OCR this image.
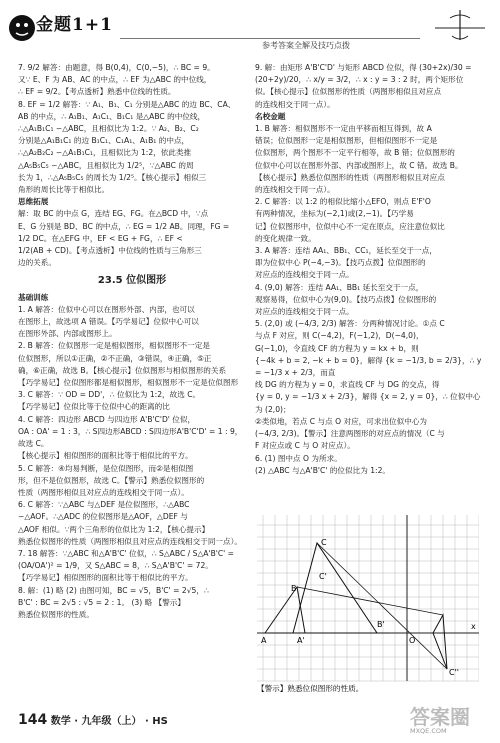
金题1+1
参考答案全解及技巧点拨

7. 9/2 解答：由题意，得 B(0,4)，C(0,−5)，∴ BC = 9。

又∵ E、F 为 AB、AC 的中点，∴ EF 为△ABC 的中位线，

∴ EF = 9/2。【考点透析】熟悉中位线的性质。

8. EF = 1/2 解答：∵ A₁、B₁、C₁ 分别是△ABC 的边 BC、CA、

AB 的中点，∴ A₁B₁、A₁C₁、B₁C₁ 是△ABC 的中位线，

∴△A₁B₁C₁ ∽△ABC，且相似比为 1:2。∵ A₂、B₂、C₂

分别是△A₁B₁C₁ 的边 B₁C₁、C₁A₁、A₁B₁ 的中点，

∴△A₂B₂C₂ ∽△A₁B₁C₁，且相似比为 1:2，依此类推

△A₅B₅C₅ ∽△ABC，且相似比为 1/2⁵，∵△ABC 的周

长为 1，∴△A₅B₅C₅ 的周长为 1/2⁵。【核心提示】相似三

角形的周长比等于相似比。

思维拓展

解：取 BC 的中点 G，连结 EG、FG。在△BCD 中，∵点

E、G 分别是 BD、BC 的中点，∴ EG = 1/2 AB。同理，FG =

1/2 DC。在△EFG 中，EF < EG + FG，∴ EF <

1/2(AB + CD)。【考点透析】中位线的性质与三角形三

边的关系。

23.5 位似图形

基础训练

1. A 解答：位似中心可以在图形外部、内部，也可以

在图形上，故选项 A 错误。【巧学易记】位似中心可以

在图形外部、内部或图形上。

2. B 解答：位似图形一定是相似图形，相似图形不一定是

位似图形，所以①正确，②不正确，③错误，④正确，⑤正

确，⑥正确，故选 B。【核心提示】位似图形与相似图形的关系

【巧学易记】位似图形都是相似图形，相似图形不一定是位似图形

3. C 解答：∵ OD = DD'，∴ 位似比为 1:2，故选 C。

【巧学易记】位似比等于位似中心的距离的比

4. C 解答：四边形 ABCD 与四边形 A'B'C'D' 位似，

OA : OA' = 1 : 3，∴ S四边形ABCD : S四边形A'B'C'D' = 1 : 9，故选 C。

【核心提示】相似图形的面积比等于相似比的平方。

5. C 解答：④均易判断，是位似图形，而②是相似图

形，但不是位似图形，故选 C。【警示】熟悉位似图形的

性质（两图形相似且对应点的连线相交于同一点）。

6. C 解答：∵△ABC 与△DEF 是位似图形，∴△ABC

∽△AOF。∴△ADC 的位似图形是△AOF，△DEF 与

△AOF 相似。∵两个三角形的位似比为 1:2，【核心提示】

熟悉位似图形的性质（两图形相似且对应点的连线相交于同一点）。

7. 18 解答：∵△ABC 和△A'B'C' 位似，∴ S△ABC / S△A'B'C' =

(OA/OA')² = 1/9，又 S△ABC = 8，∴ S△A'B'C' = 72。

【巧学易记】相似图形的面积比等于相似比的平方。

8. 解：(1) 略 (2) 由图可知，BC = √5，B'C' = 2√5，∴

B'C' : BC = 2√5 : √5 = 2 : 1。 (3) 略 【警示】

熟悉位似图形的性质。

9. 解：由矩形 A'B'C'D' 与矩形 ABCD 位似，得 (30+2x)/30 =

(20+2y)/20，∴ x/y = 3/2，∴ x : y = 3 : 2 时，两个矩形位

似。【核心提示】位似图形的性质（两图形相似且对应点

的连线相交于同一点）。

名校金题

1. B 解答：相似图形不一定由平移而相互得到，故 A

错误；位似图形一定是相似图形，但相似图形不一定是

位似图形，两个图形不一定平行相等，故 B 错；位似图形的

位似中心可以在图形外部、内部或图形上，故 C 错。故选 B。

【核心提示】熟悉位似图形的性质（两图形相似且对应点

的连线相交于同一点）。

2. C 解答：以 1:2 的相似比缩小△EFO，则点 E'F'O

有两种情况，坐标为(−2,1)或(2,−1)。【巧学易

记】位似图形中，位似中心不一定在原点，应注意位似比

的变化规律一致。

3. A 解答：连结 AA₁、BB₁、CC₁，延长至交于一点，

即为位似中心 P(−4,−3)。【技巧点拨】位似图形的

对应点的连线相交于同一点。

4. (9,0) 解答：连结 AA₁、BB₁ 延长至交于一点，

观察易得，位似中心为(9,0)。【技巧点拨】位似图形的

对应点的连线相交于同一点。

5. (2,0) 或 (−4/3, 2/3) 解答：分两种情况讨论。①点 C

与点 F 对应，则 C(−4,2)，F(−1,2)，D(−4,0)，

G(−1,0)，令直线 CF 的方程为 y = kx + b，则

{−4k + b = 2, −k + b = 0}，解得 {k = −1/3, b = 2/3}，∴ y = −1/3 x + 2/3，而直

线 DG 的方程为 y = 0，求直线 CF 与 DG 的交点，得

{y = 0, y = −1/3 x + 2/3}，解得 {x = 2, y = 0}，∴ 位似中心为 (2,0)；

②类似地，若点 C 与点 O 对应，可求出位似中心为

(−4/3, 2/3)。【警示】注意两图形的对应点的情况（C 与

F 对应点或 C 与 O 对应点）。

6. (1) 图中点 O 为所求。

(2) △ABC 与△A'B'C' 的位似比为 1:2。

C
B
A
C'
B'
A'	O
x
C''
【警示】熟悉位似图形的性质。
144 数学 · 九年级（上） · HS	答案圈
MXQE.COM
